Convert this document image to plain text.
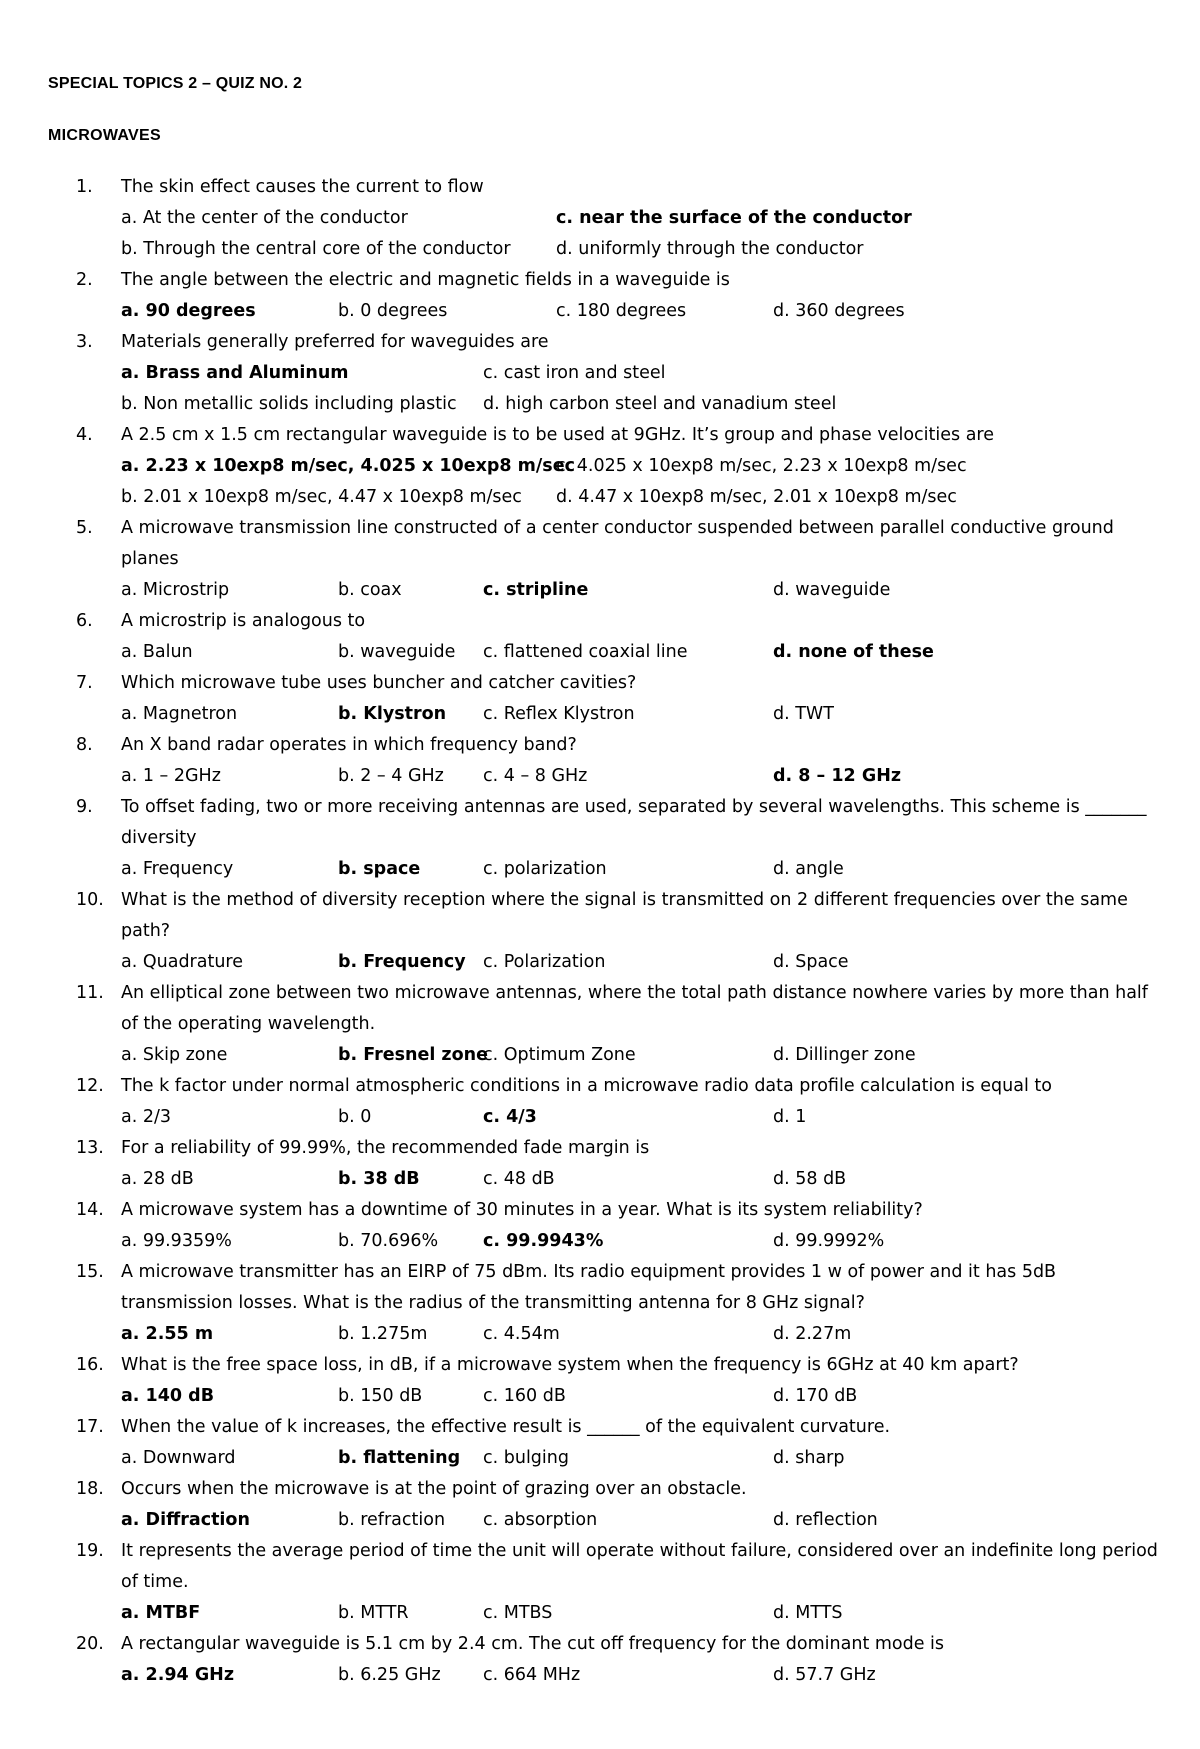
SPECIAL TOPICS 2 – QUIZ NO. 2
MICROWAVES
1.	The skin effect causes the current to flow
a. At the center of the conductor	c. near the surface of the conductor
b. Through the central core of the conductor	d. uniformly through the conductor
2.	The angle between the electric and magnetic fields in a waveguide is
a. 90 degrees	b. 0 degrees	c. 180 degrees	d. 360 degrees
3.	Materials generally preferred for waveguides are
a. Brass and Aluminum	c. cast iron and steel
b. Non metallic solids including plastic d. high carbon steel and vanadium steel
4.	A 2.5 cm x 1.5 cm rectangular waveguide is to be used at 9GHz. It’s group and phase velocities are
a. 2.23 x 10exp8 m/sec, 4.025 x 10exp8 m/sec
c. 4.025 x 10exp8 m/sec, 2.23 x 10exp8 m/sec
b. 2.01 x 10exp8 m/sec, 4.47 x 10exp8 m/sec d. 4.47 x 10exp8 m/sec, 2.01 x 10exp8 m/sec
5.	A microwave transmission line constructed of a center conductor suspended between parallel conductive ground planes
a. Microstrip	b. coax	c. stripline	d. waveguide
6.	A microstrip is analogous to
a. Balun	b. waveguide c. flattened coaxial line	d. none of these
7.	Which microwave tube uses buncher and catcher cavities?
a. Magnetron	b. Klystron c. Reflex Klystron	d. TWT
8.	An X band radar operates in which frequency band?
a. 1 – 2GHz	b. 2 – 4 GHz c. 4 – 8 GHz	d. 8 – 12 GHz
9.	To offset fading, two or more receiving antennas are used, separated by several wavelengths. This scheme is _______ diversity
a. Frequency	b. space	c. polarization	d. angle
10. What is the method of diversity reception where the signal is transmitted on 2 different frequencies over the same path?
a. Quadrature	b. Frequency c. Polarization	d. Space
11. An elliptical zone between two microwave antennas, where the total path distance nowhere varies by more than half of the operating wavelength.
a. Skip zone	b. Fresnel zone
c. Optimum Zone	d. Dillinger zone
12. The k factor under normal atmospheric conditions in a microwave radio data profile calculation is equal to
a. 2/3	b. 0	c. 4/3	d. 1
13. For a reliability of 99.99%, the recommended fade margin is
a. 28 dB	b. 38 dB	c. 48 dB	d. 58 dB
14. A microwave system has a downtime of 30 minutes in a year. What is its system reliability?
a. 99.9359%	b. 70.696%	c. 99.9943%	d. 99.9992%
15. A microwave transmitter has an EIRP of 75 dBm. Its radio equipment provides 1 w of power and it has 5dB transmission losses. What is the radius of the transmitting antenna for 8 GHz signal?
a. 2.55 m	b. 1.275m	c. 4.54m	d. 2.27m
16. What is the free space loss, in dB, if a microwave system when the frequency is 6GHz at 40 km apart?
a. 140 dB	b. 150 dB	c. 160 dB	d. 170 dB
17. When the value of k increases, the effective result is ______ of the equivalent curvature.
a. Downward	b. flattening c. bulging	d. sharp
18. Occurs when the microwave is at the point of grazing over an obstacle.
a. Diffraction	b. refraction c. absorption	d. reflection
19. It represents the average period of time the unit will operate without failure, considered over an indefinite long period of time.
a. MTBF	b. MTTR	c. MTBS	d. MTTS
20. A rectangular waveguide is 5.1 cm by 2.4 cm. The cut off frequency for the dominant mode is
a. 2.94 GHz	b. 6.25 GHz c. 664 MHz	d. 57.7 GHz
